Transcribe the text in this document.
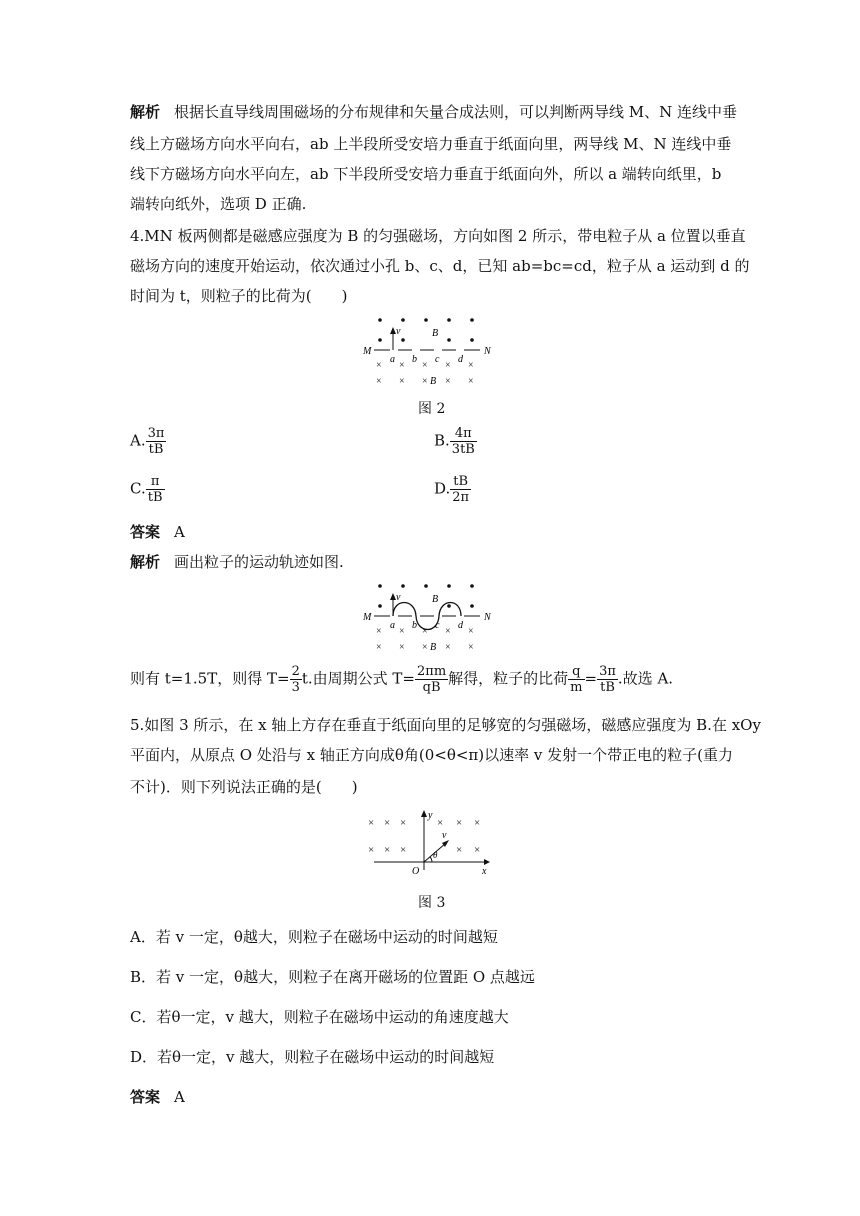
解析 根据长直导线周围磁场的分布规律和矢量合成法则，可以判断两导线 M、N 连线中垂
线上方磁场方向水平向右，ab 上半段所受安培力垂直于纸面向里，两导线 M、N 连线中垂
线下方磁场方向水平向左，ab 下半段所受安培力垂直于纸面向外，所以 a 端转向纸里，b
端转向纸外，选项 D 正确.
4.MN 板两侧都是磁感应强度为 B 的匀强磁场，方向如图 2 所示，带电粒子从 a 位置以垂直
磁场方向的速度开始运动，依次通过小孔 b、c、d，已知 ab=bc=cd，粒子从 a 运动到 d 的
时间为 t，则粒子的比荷为(　　)
v	B
M	N
a b c d
× × × × ×
× × × × ×
B
图 2
A. $\frac{3\pi}{tB}$	B. $\frac{4\pi}{3tB}$
C. $\frac{\pi}{tB}$	D. $\frac{tB}{2\pi}$
答案 A
解析 画出粒子的运动轨迹如图.
v	B
M	N
a b c d
× × × × ×
× × × × ×
B
则有 t=1.5T，则得 $T= \frac{2}{3} t$.由周期公式 $T= \frac{2\pi m}{qB}$ 解得，粒子的比荷 $\frac{q}{m} = \frac{3\pi}{tB}$ .故选 A.
5.如图 3 所示，在 x 轴上方存在垂直于纸面向里的足够宽的匀强磁场，磁感应强度为 B.在 xOy
平面内，从原点 O 处沿与 x 轴正方向成θ角(0<θ<π)以速率 v 发射一个带正电的粒子(重力
不计)．则下列说法正确的是(　　)
× × ×	× × ×
× × ×	× ×
y
x
O
v
θ
图 3
A．若 v 一定，θ越大，则粒子在磁场中运动的时间越短
B．若 v 一定，θ越大，则粒子在离开磁场的位置距 O 点越远
C．若θ一定，v 越大，则粒子在磁场中运动的角速度越大
D．若θ一定，v 越大，则粒子在磁场中运动的时间越短
答案 A
